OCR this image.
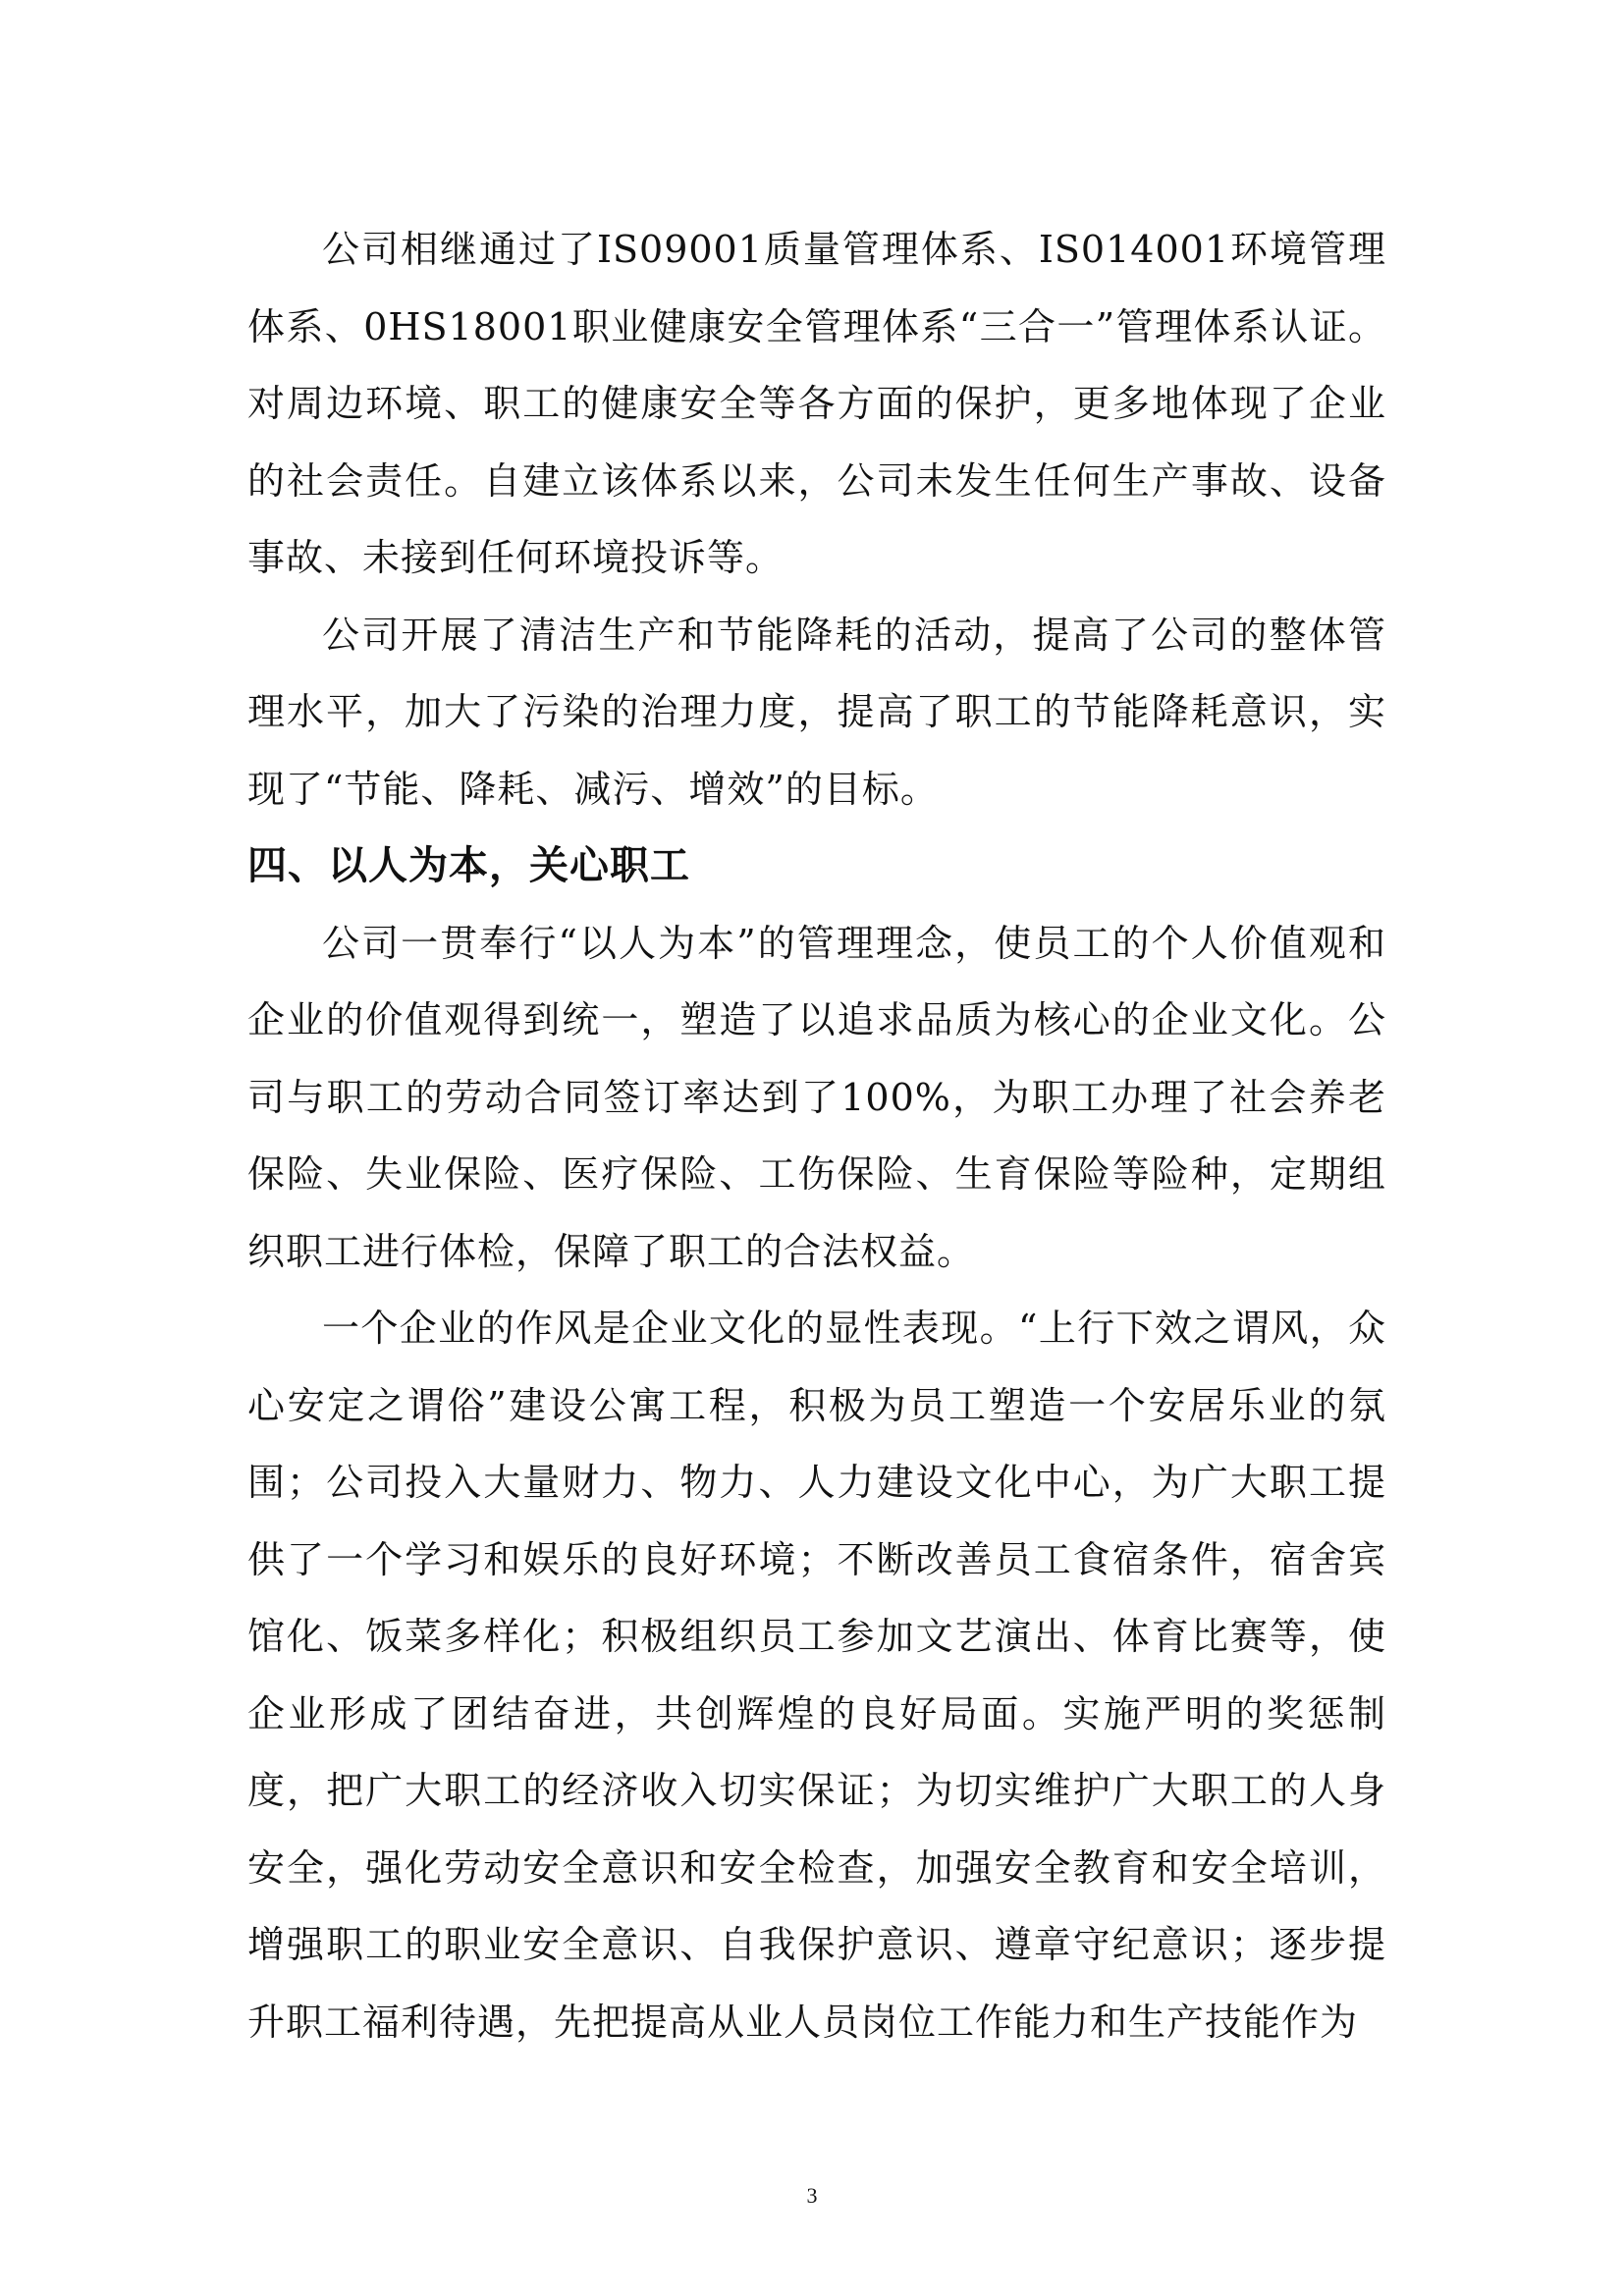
公司相继通过了IS09001质量管理体系、IS014001环境管理体系、0HS18001职业健康安全管理体系“三合一”管理体系认证。对周边环境、职工的健康安全等各方面的保护，更多地体现了企业的社会责任。自建立该体系以来，公司未发生任何生产事故、设备事故、未接到任何环境投诉等。

公司开展了清洁生产和节能降耗的活动，提高了公司的整体管理水平，加大了污染的治理力度，提高了职工的节能降耗意识，实现了“节能、降耗、减污、增效”的目标。

四、以人为本，关心职工

公司一贯奉行“以人为本”的管理理念，使员工的个人价值观和企业的价值观得到统一，塑造了以追求品质为核心的企业文化。公司与职工的劳动合同签订率达到了100%，为职工办理了社会养老保险、失业保险、医疗保险、工伤保险、生育保险等险种，定期组织职工进行体检，保障了职工的合法权益。

一个企业的作风是企业文化的显性表现。“上行下效之谓风，众心安定之谓俗”建设公寓工程，积极为员工塑造一个安居乐业的氛围；公司投入大量财力、物力、人力建设文化中心，为广大职工提供了一个学习和娱乐的良好环境；不断改善员工食宿条件，宿舍宾馆化、饭菜多样化；积极组织员工参加文艺演出、体育比赛等，使企业形成了团结奋进，共创辉煌的良好局面。实施严明的奖惩制度，把广大职工的经济收入切实保证；为切实维护广大职工的人身安全，强化劳动安全意识和安全检查，加强安全教育和安全培训，增强职工的职业安全意识、自我保护意识、遵章守纪意识；逐步提升职工福利待遇，先把提高从业人员岗位工作能力和生产技能作为

3
